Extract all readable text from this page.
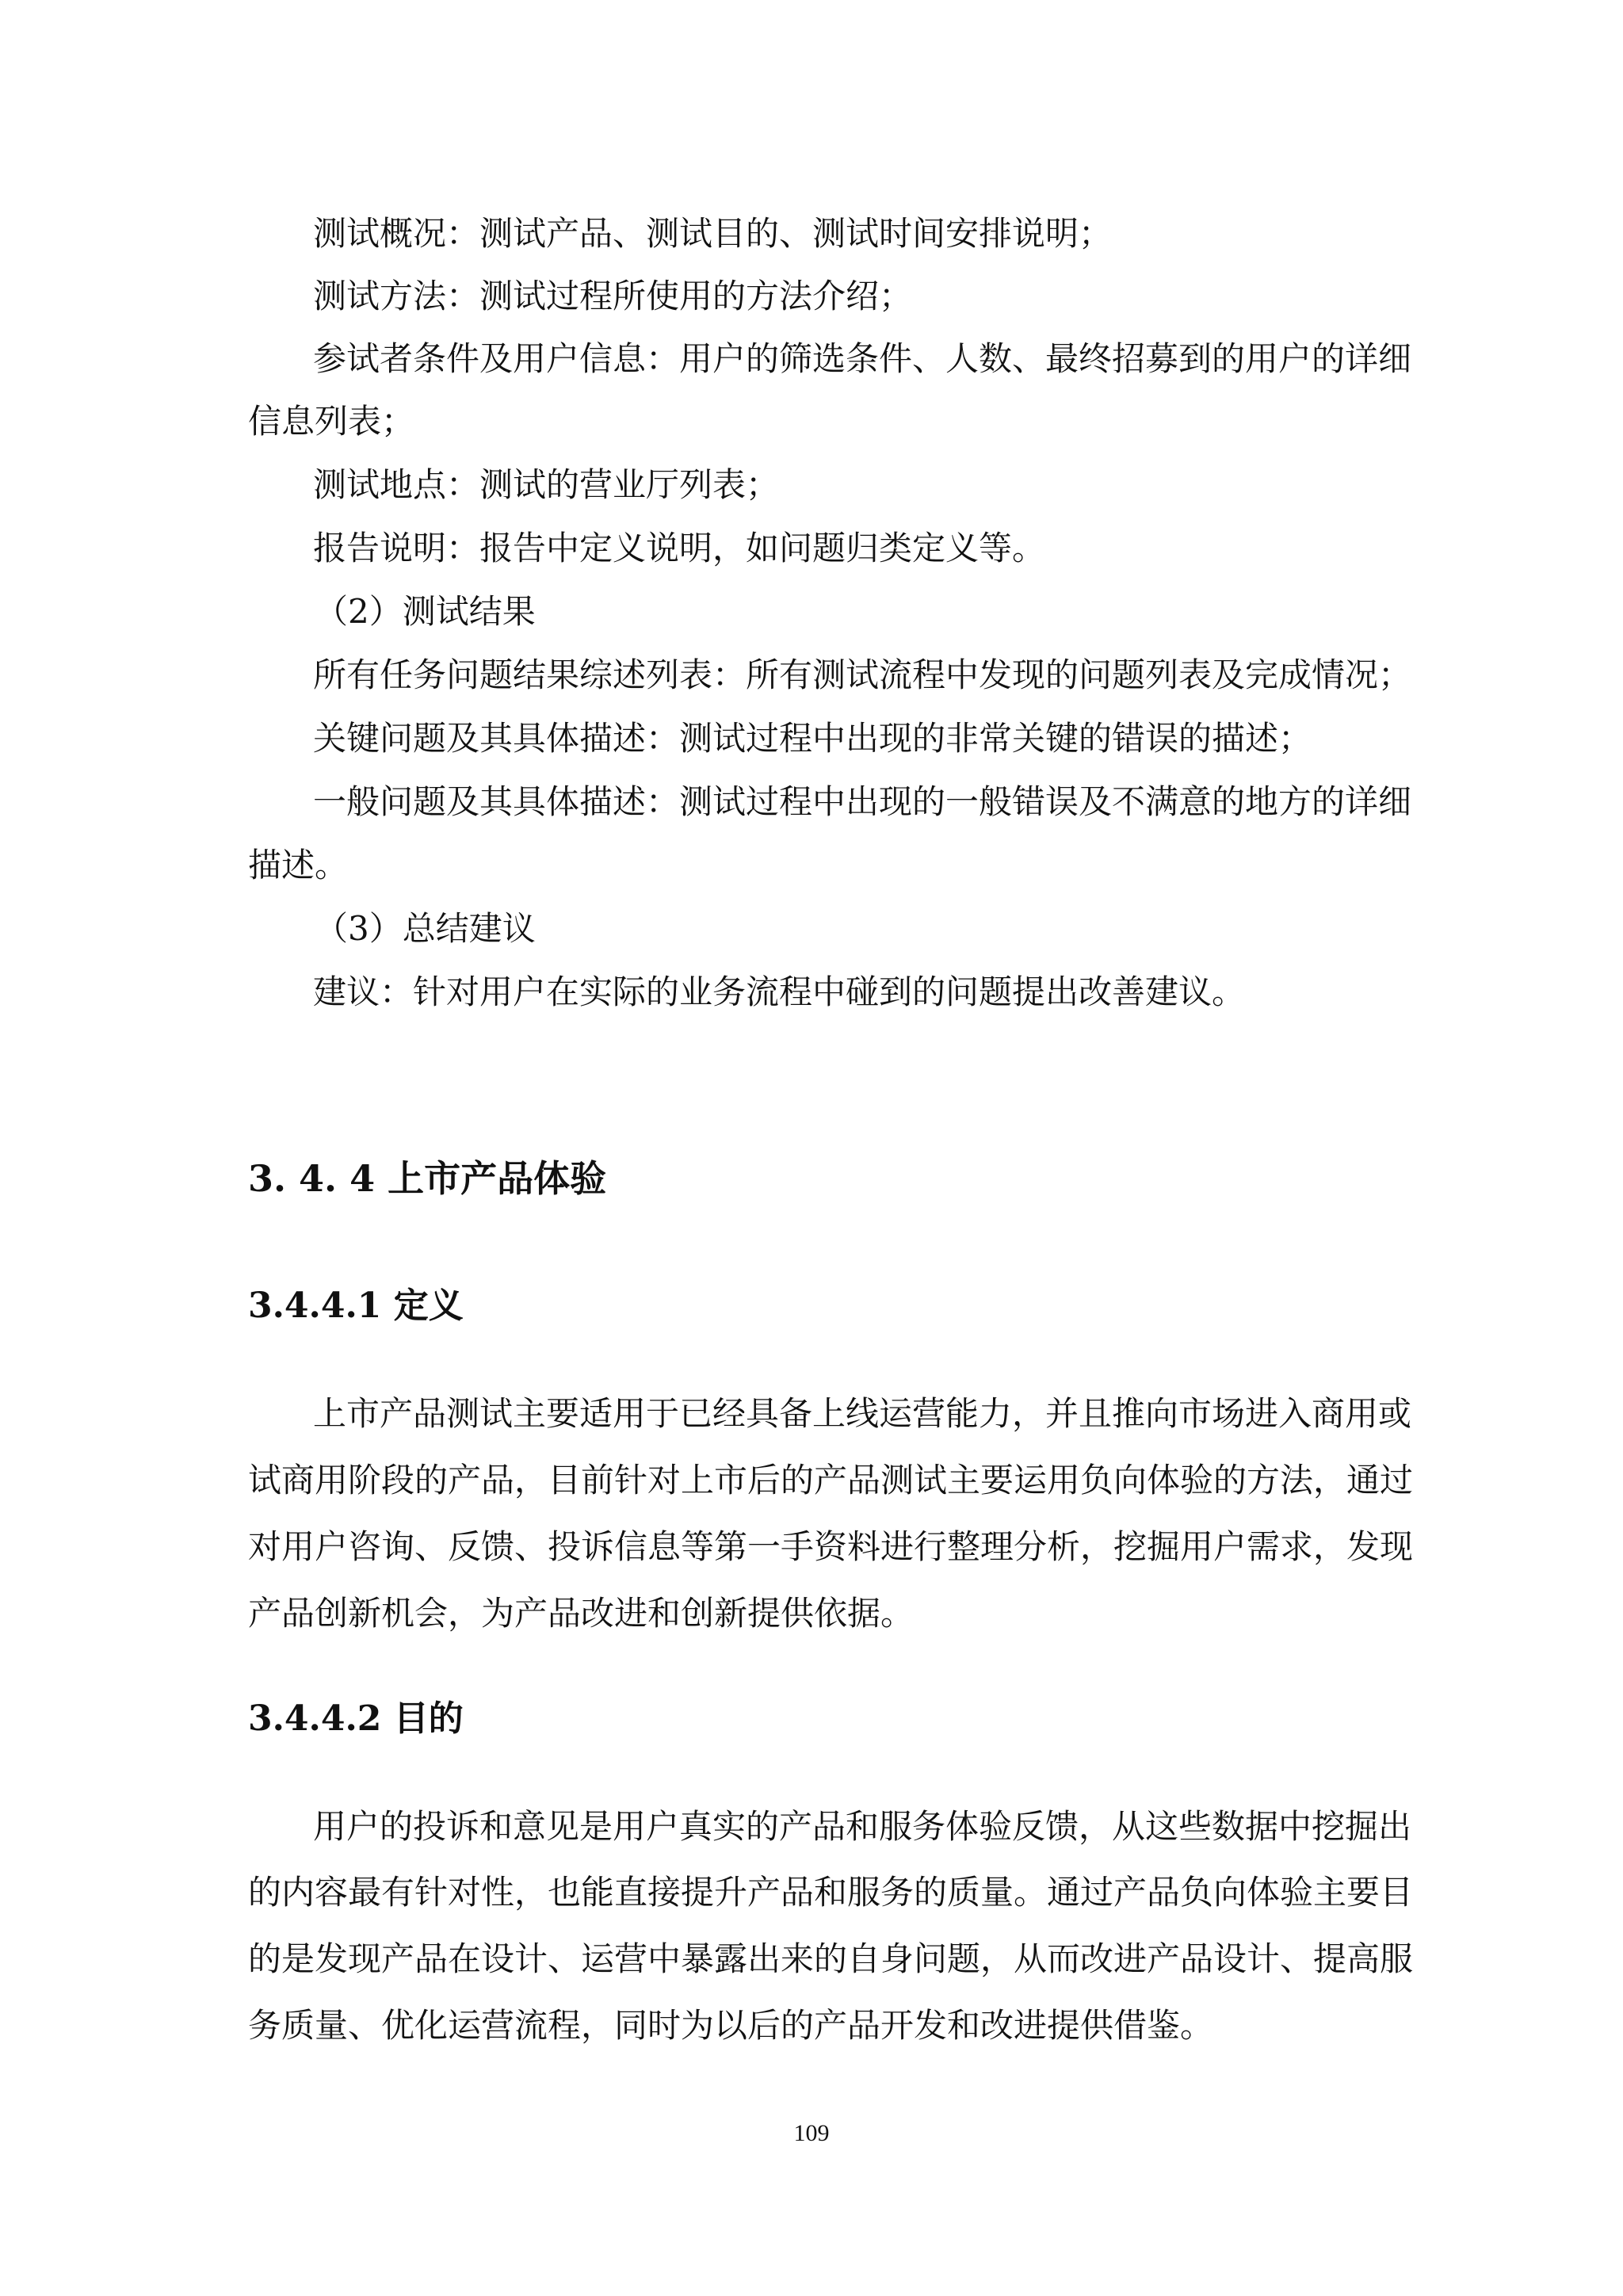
测试概况：测试产品、测试目的、测试时间安排说明；
测试方法：测试过程所使用的方法介绍；
参试者条件及用户信息：用户的筛选条件、人数、最终招募到的用户的详细
信息列表；
测试地点：测试的营业厅列表；
报告说明：报告中定义说明，如问题归类定义等。
（2）测试结果
所有任务问题结果综述列表：所有测试流程中发现的问题列表及完成情况；
关键问题及其具体描述：测试过程中出现的非常关键的错误的描述；
一般问题及其具体描述：测试过程中出现的一般错误及不满意的地方的详细
描述。
（3）总结建议
建议：针对用户在实际的业务流程中碰到的问题提出改善建议。
3. 4. 4 上市产品体验
3.4.4.1 定义
上市产品测试主要适用于已经具备上线运营能力，并且推向市场进入商用或
试商用阶段的产品，目前针对上市后的产品测试主要运用负向体验的方法，通过
对用户咨询、反馈、投诉信息等第一手资料进行整理分析，挖掘用户需求，发现
产品创新机会，为产品改进和创新提供依据。
3.4.4.2 目的
用户的投诉和意见是用户真实的产品和服务体验反馈，从这些数据中挖掘出
的内容最有针对性，也能直接提升产品和服务的质量。通过产品负向体验主要目
的是发现产品在设计、运营中暴露出来的自身问题，从而改进产品设计、提高服
务质量、优化运营流程，同时为以后的产品开发和改进提供借鉴。
109
